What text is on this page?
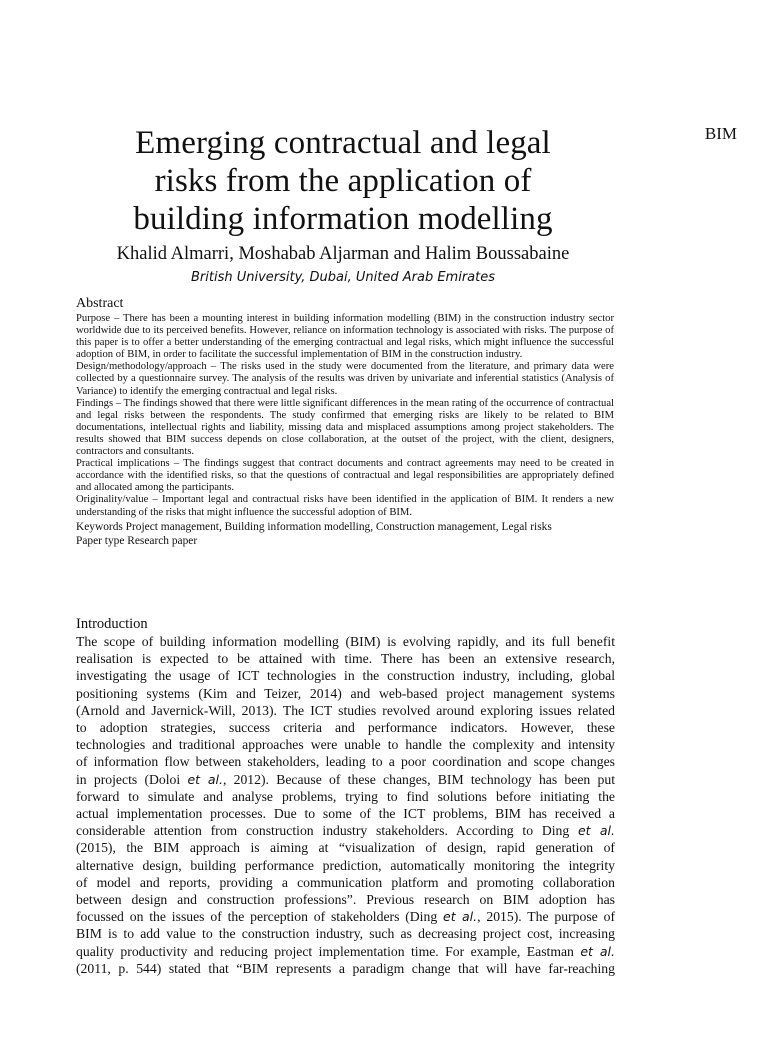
BIM
Emerging contractual and legal
risks from the application of
building information modelling
Khalid Almarri, Moshabab Aljarman and Halim Boussabaine
British University, Dubai, United Arab Emirates
Abstract

Purpose – There has been a mounting interest in building information modelling (BIM) in the construction industry sector worldwide due to its perceived benefits. However, reliance on information technology is associated with risks. The purpose of this paper is to offer a better understanding of the emerging contractual and legal risks, which might influence the successful adoption of BIM, in order to facilitate the successful implementation of BIM in the construction industry.

Design/methodology/approach – The risks used in the study were documented from the literature, and primary data were collected by a questionnaire survey. The analysis of the results was driven by univariate and inferential statistics (Analysis of Variance) to identify the emerging contractual and legal risks.

Findings – The findings showed that there were little significant differences in the mean rating of the occurrence of contractual and legal risks between the respondents. The study confirmed that emerging risks are likely to be related to BIM documentations, intellectual rights and liability, missing data and misplaced assumptions among project stakeholders. The results showed that BIM success depends on close collaboration, at the outset of the project, with the client, designers, contractors and consultants.

Practical implications – The findings suggest that contract documents and contract agreements may need to be created in accordance with the identified risks, so that the questions of contractual and legal responsibilities are appropriately defined and allocated among the participants.

Originality/value – Important legal and contractual risks have been identified in the application of BIM. It renders a new understanding of the risks that might influence the successful adoption of BIM.

Keywords Project management, Building information modelling, Construction management, Legal risks
Paper type Research paper
Introduction

The scope of building information modelling (BIM) is evolving rapidly, and its full benefit
realisation is expected to be attained with time. There has been an extensive research,
investigating the usage of ICT technologies in the construction industry, including, global
positioning systems (Kim and Teizer, 2014) and web-based project management systems
(Arnold and Javernick-Will, 2013). The ICT studies revolved around exploring issues related
to adoption strategies, success criteria and performance indicators. However, these
technologies and traditional approaches were unable to handle the complexity and intensity
of information flow between stakeholders, leading to a poor coordination and scope changes
in projects (Doloi et al., 2012). Because of these changes, BIM technology has been put
forward to simulate and analyse problems, trying to find solutions before initiating the
actual implementation processes. Due to some of the ICT problems, BIM has received a
considerable attention from construction industry stakeholders. According to Ding et al.
(2015), the BIM approach is aiming at “visualization of design, rapid generation of
alternative design, building performance prediction, automatically monitoring the integrity
of model and reports, providing a communication platform and promoting collaboration
between design and construction professions”. Previous research on BIM adoption has
focussed on the issues of the perception of stakeholders (Ding et al., 2015). The purpose of
BIM is to add value to the construction industry, such as decreasing project cost, increasing
quality productivity and reducing project implementation time. For example, Eastman et al.
(2011, p. 544) stated that “BIM represents a paradigm change that will have far-reaching
